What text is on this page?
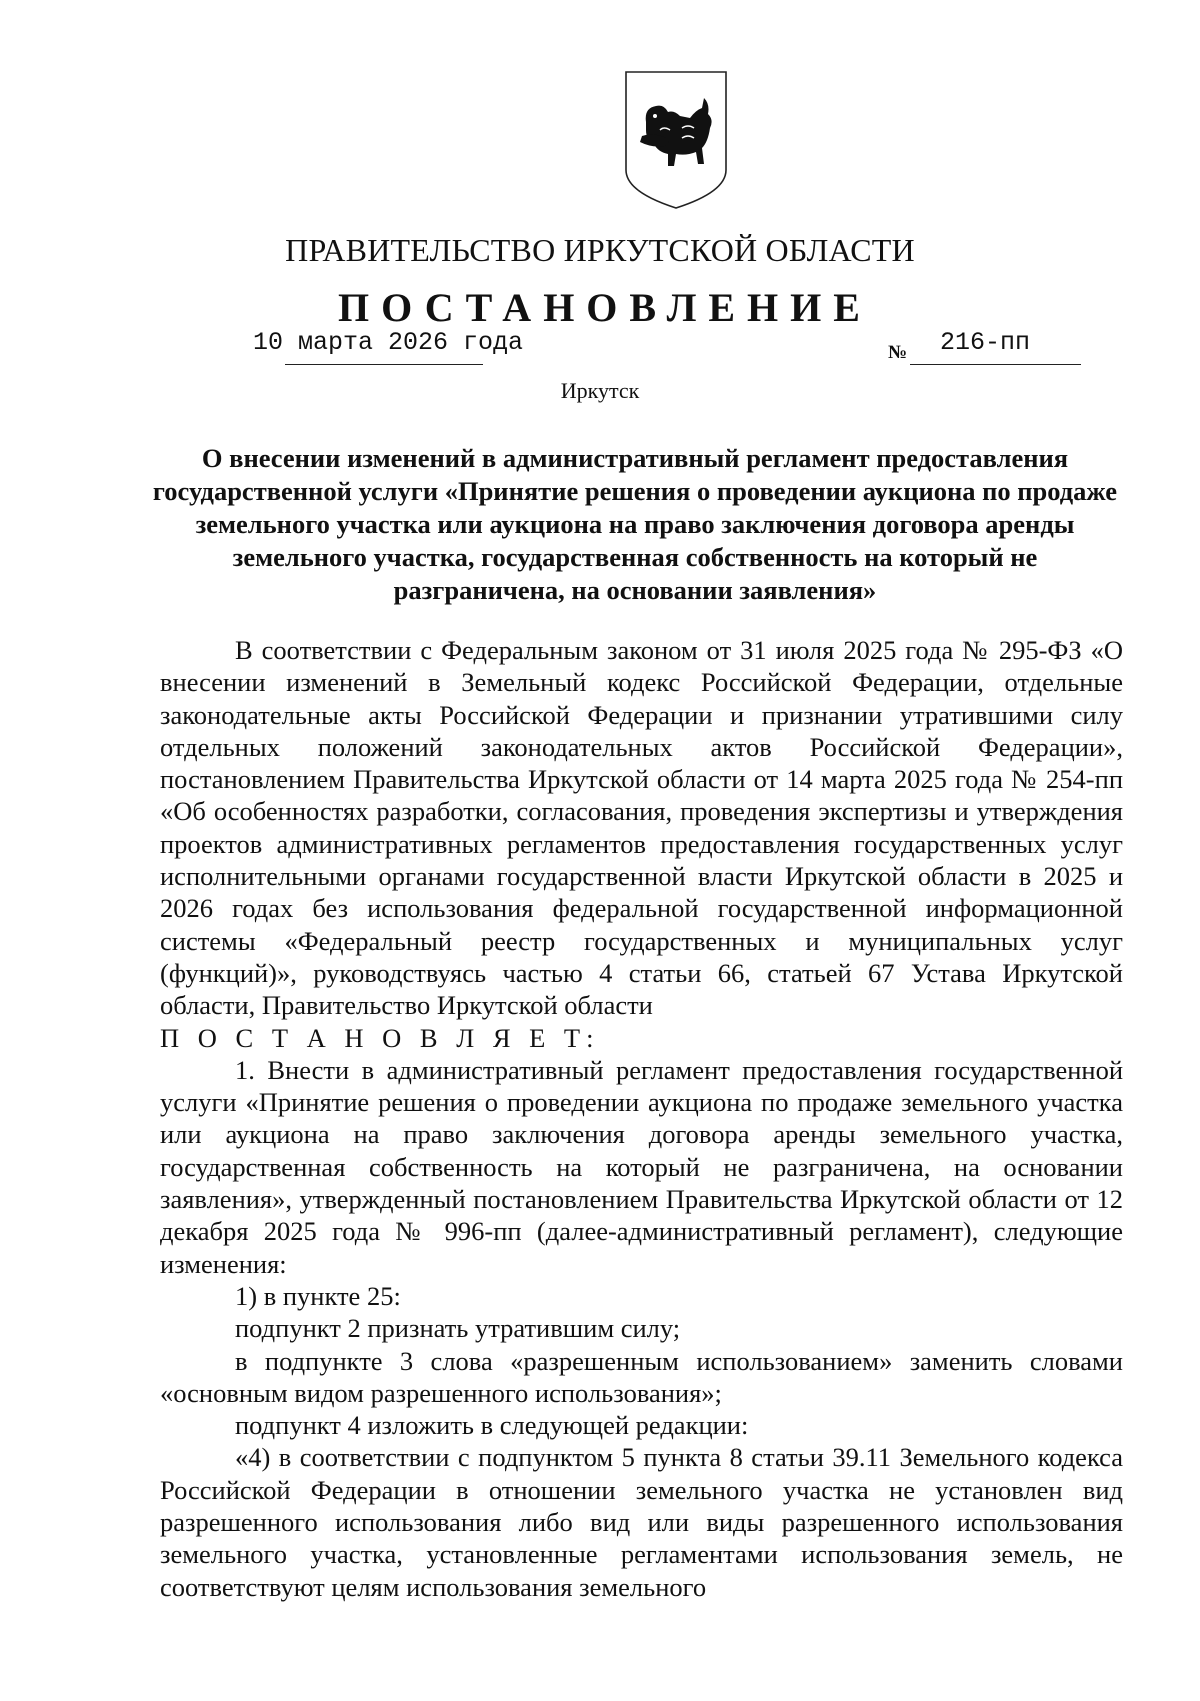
ПРАВИТЕЛЬСТВО ИРКУТСКОЙ ОБЛАСТИ
ПОСТАНОВЛЕНИЕ
10 марта 2026 года	№ 216-пп
Иркутск
О внесении изменений в административный регламент предоставления государственной услуги «Принятие решения о проведении аукциона по продаже земельного участка или аукциона на право заключения договора аренды земельного участка, государственная собственность на который не разграничена, на основании заявления»

В соответствии с Федеральным законом от 31 июля 2025 года № 295-ФЗ «О внесении изменений в Земельный кодекс Российской Федерации, отдельные законодательные акты Российской Федерации и признании утратившими силу отдельных положений законодательных актов Российской Федерации», постановлением Правительства Иркутской области от 14 марта 2025 года № 254-пп «Об особенностях разработки, согласования, проведения экспертизы и утверждения проектов административных регламентов предоставления государственных услуг исполнительными органами государственной власти Иркутской области в 2025 и 2026 годах без использования федеральной государственной информационной системы «Федеральный реестр государственных и муниципальных услуг (функций)», руководствуясь частью 4 статьи 66, статьей 67 Устава Иркутской области, Правительство Иркутской области

П О С Т А Н О В Л Я Е Т:

1. Внести в административный регламент предоставления государственной услуги «Принятие решения о проведении аукциона по продаже земельного участка или аукциона на право заключения договора аренды земельного участка, государственная собственность на который не разграничена, на основании заявления», утвержденный постановлением Правительства Иркутской области от 12 декабря 2025 года № 996-пп (далее-административный регламент), следующие изменения:

1) в пункте 25:

подпункт 2 признать утратившим силу;

в подпункте 3 слова «разрешенным использованием» заменить словами «основным видом разрешенного использования»;

подпункт 4 изложить в следующей редакции:

«4) в соответствии с подпунктом 5 пункта 8 статьи 39.11 Земельного кодекса Российской Федерации в отношении земельного участка не установлен вид разрешенного использования либо вид или виды разрешенного использования земельного участка, установленные регламентами использования земель, не соответствуют целям использования земельного
